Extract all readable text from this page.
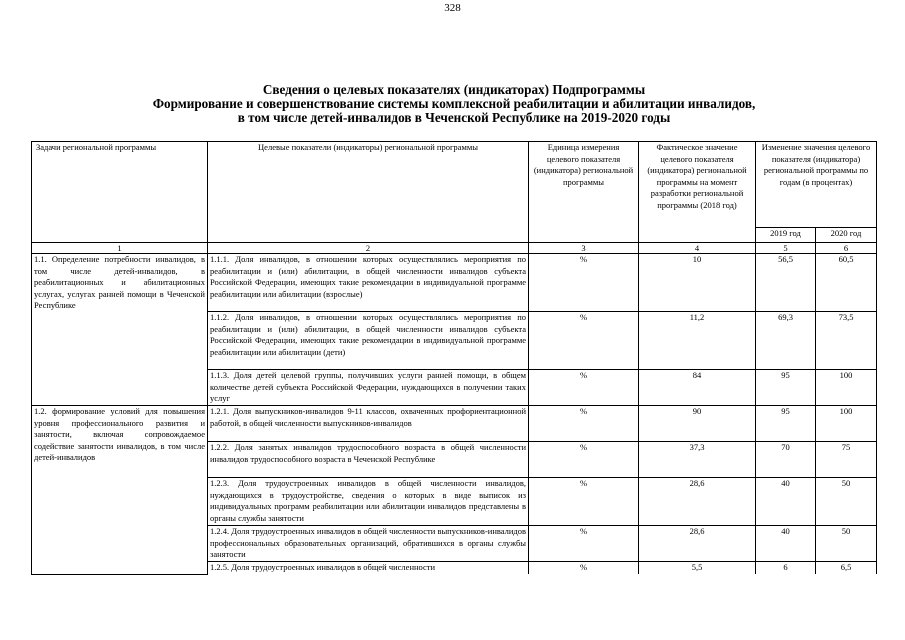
328
Сведения о целевых показателях (индикаторах) Подпрограммы
Формирование и совершенствование системы комплексной реабилитации и абилитации инвалидов,
в том числе детей-инвалидов в Чеченской Республике на 2019-2020 годы
Задачи региональной программы	Целевые показатели (индикаторы) региональной программы	Единица измерения целевого показателя (индикатора) региональной программы	Фактическое значение целевого показателя (индикатора) региональной программы на момент разработки региональной программы (2018 год)	Изменение значения целевого показателя (индикатора) региональной программы по годам (в процентах)	
				2019 год	2020 год
1	2	3	4	5	6
1.1. Определение потребности инвалидов, в том числе детей-инвалидов, в реабилитационных и абилитационных услугах, услугах ранней помощи в Чеченской Республике	1.1.1. Доля инвалидов, в отношении которых осуществлялись мероприятия по реабилитации и (или) абилитации, в общей численности инвалидов субъекта Российской Федерации, имеющих такие рекомендации в индивидуальной программе реабилитации или абилитации (взрослые)	%	10	56,5	60,5
	1.1.2. Доля инвалидов, в отношении которых осуществлялись мероприятия по реабилитации и (или) абилитации, в общей численности инвалидов субъекта Российской Федерации, имеющих такие рекомендации в индивидуальной программе реабилитации или абилитации (дети)	%	11,2	69,3	73,5
	1.1.3. Доля детей целевой группы, получивших услуги ранней помощи, в общем количестве детей субъекта Российской Федерации, нуждающихся в получении таких услуг	%	84	95	100
1.2. формирование условий для повышения уровня профессионального развития и занятости, включая сопровождаемое содействие занятости инвалидов, в том числе детей-инвалидов	1.2.1. Доля выпускников-инвалидов 9-11 классов, охваченных профориентационной работой, в общей численности выпускников-инвалидов	%	90	95	100
	1.2.2. Доля занятых инвалидов трудоспособного возраста в общей численности инвалидов трудоспособного возраста в Чеченской Республике	%	37,3	70	75
	1.2.3. Доля трудоустроенных инвалидов в общей численности инвалидов, нуждающихся в трудоустройстве, сведения о которых в виде выписок из индивидуальных программ реабилитации или абилитации инвалидов представлены в органы службы занятости	%	28,6	40	50
	1.2.4. Доля трудоустроенных инвалидов в общей численности выпускников-инвалидов профессиональных образовательных организаций, обратившихся в органы службы занятости	%	28,6	40	50
	1.2.5. Доля трудоустроенных инвалидов в общей численности	%	5,5	6	6,5
